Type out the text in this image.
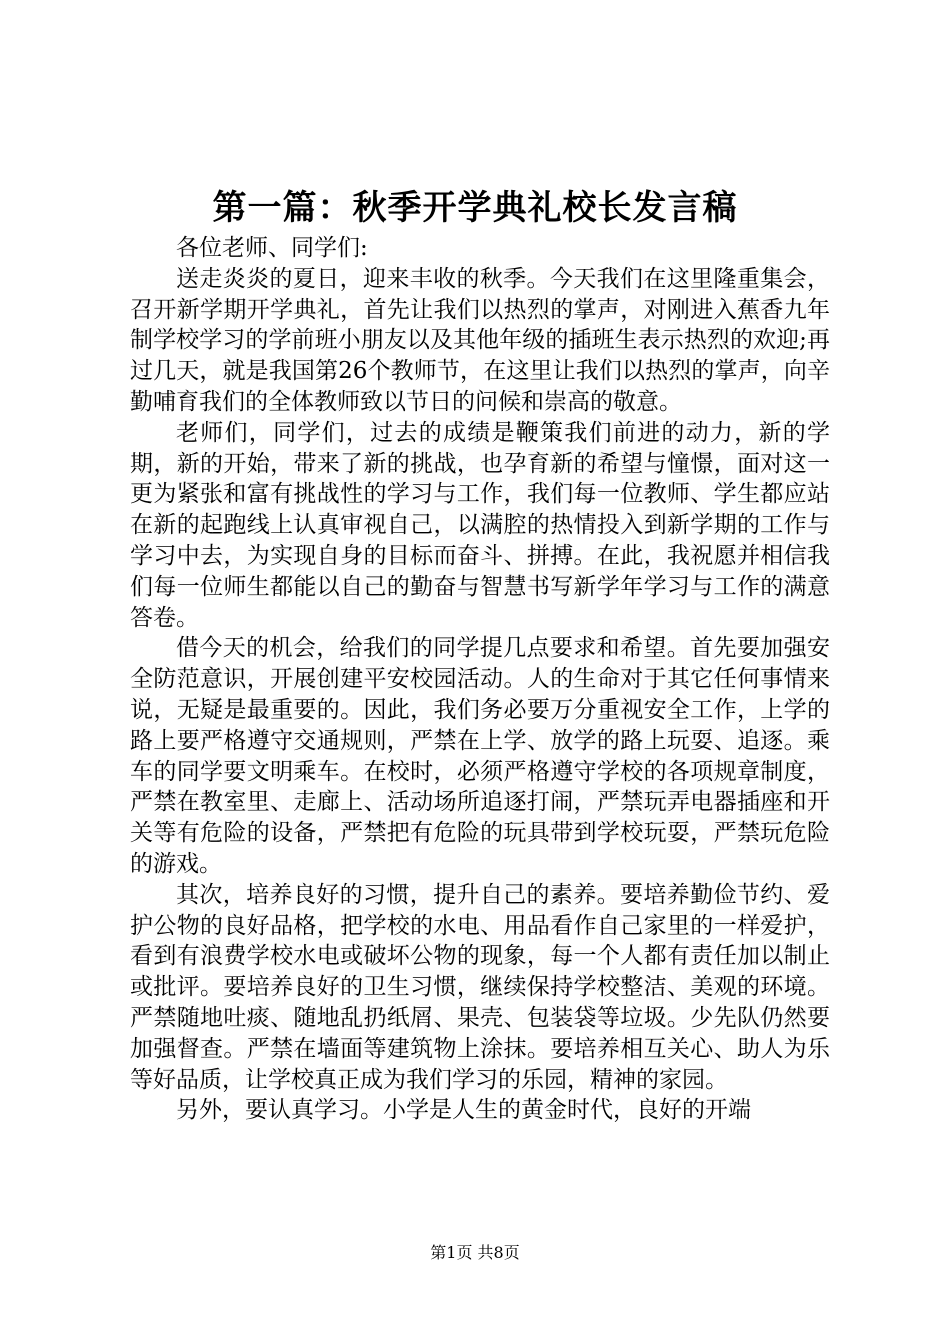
第一篇：秋季开学典礼校长发言稿

各位老师、同学们:

送走炎炎的夏日，迎来丰收的秋季。今天我们在这里隆重集会，召开新学期开学典礼，首先让我们以热烈的掌声，对刚进入蕉香九年制学校学习的学前班小朋友以及其他年级的插班生表示热烈的欢迎;再过几天，就是我国第26个教师节，在这里让我们以热烈的掌声，向辛勤哺育我们的全体教师致以节日的问候和崇高的敬意。

老师们，同学们，过去的成绩是鞭策我们前进的动力，新的学期，新的开始，带来了新的挑战，也孕育新的希望与憧憬，面对这一更为紧张和富有挑战性的学习与工作，我们每一位教师、学生都应站在新的起跑线上认真审视自己，以满腔的热情投入到新学期的工作与学习中去，为实现自身的目标而奋斗、拼搏。在此，我祝愿并相信我们每一位师生都能以自己的勤奋与智慧书写新学年学习与工作的满意答卷。

借今天的机会，给我们的同学提几点要求和希望。首先要加强安全防范意识，开展创建平安校园活动。人的生命对于其它任何事情来说，无疑是最重要的。因此，我们务必要万分重视安全工作，上学的路上要严格遵守交通规则，严禁在上学、放学的路上玩耍、追逐。乘车的同学要文明乘车。在校时，必须严格遵守学校的各项规章制度，严禁在教室里、走廊上、活动场所追逐打闹，严禁玩弄电器插座和开关等有危险的设备，严禁把有危险的玩具带到学校玩耍，严禁玩危险的游戏。

其次，培养良好的习惯，提升自己的素养。要培养勤俭节约、爱护公物的良好品格，把学校的水电、用品看作自己家里的一样爱护，看到有浪费学校水电或破坏公物的现象，每一个人都有责任加以制止或批评。要培养良好的卫生习惯，继续保持学校整洁、美观的环境。严禁随地吐痰、随地乱扔纸屑、果壳、包装袋等垃圾。少先队仍然要加强督查。严禁在墙面等建筑物上涂抹。要培养相互关心、助人为乐等好品质，让学校真正成为我们学习的乐园，精神的家园。

另外，要认真学习。小学是人生的黄金时代，良好的开端

第1页 共8页
